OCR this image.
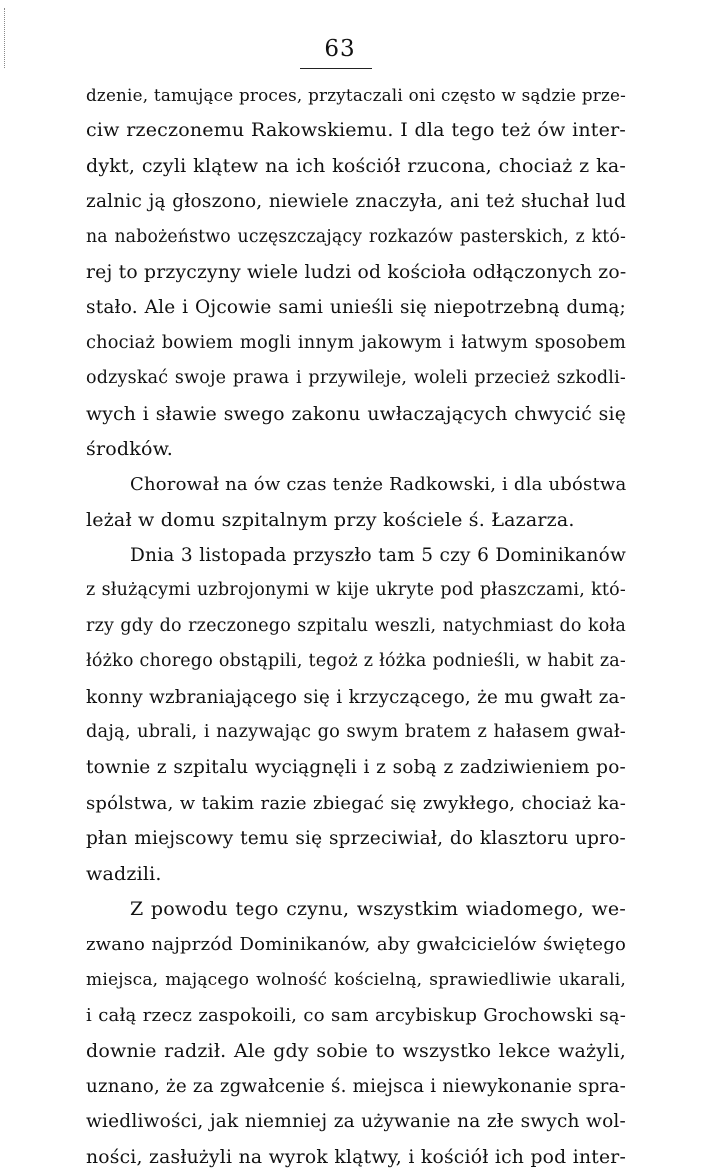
63
dzenie, tamujące proces, przytaczali oni często w sądzie prze-
ciw rzeczonemu Rakowskiemu. I dla tego też ów inter-
dykt, czyli klątew na ich kościół rzucona, chociaż z ka-
zalnic ją głoszono, niewiele znaczyła, ani też słuchał lud
na nabożeństwo uczęszczający rozkazów pasterskich, z któ-
rej to przyczyny wiele ludzi od kościoła odłączonych zo-
stało. Ale i Ojcowie sami unieśli się niepotrzebną dumą;
chociaż bowiem mogli innym jakowym i łatwym sposobem
odzyskać swoje prawa i przywileje, woleli przecież szkodli-
wych i sławie swego zakonu uwłaczających chwycić się
środków.
Chorował na ów czas tenże Radkowski, i dla ubóstwa
leżał w domu szpitalnym przy kościele ś. Łazarza.
Dnia 3 listopada przyszło tam 5 czy 6 Dominikanów
z służącymi uzbrojonymi w kije ukryte pod płaszczami, któ-
rzy gdy do rzeczonego szpitalu weszli, natychmiast do koła
łóżko chorego obstąpili, tegoż z łóżka podnieśli, w habit za-
konny wzbraniającego się i krzyczącego, że mu gwałt za-
dają, ubrali, i nazywając go swym bratem z hałasem gwał-
townie z szpitalu wyciągnęli i z sobą z zadziwieniem po-
spólstwa, w takim razie zbiegać się zwykłego, chociaż ka-
płan miejscowy temu się sprzeciwiał, do klasztoru upro-
wadzili.
Z powodu tego czynu, wszystkim wiadomego, we-
zwano najprzód Dominikanów, aby gwałcicielów świętego
miejsca, mającego wolność kościelną, sprawiedliwie ukarali,
i całą rzecz zaspokoili, co sam arcybiskup Grochowski są-
downie radził. Ale gdy sobie to wszystko lekce ważyli,
uznano, że za zgwałcenie ś. miejsca i niewykonanie spra-
wiedliwości, jak niemniej za używanie na złe swych wol-
ności, zasłużyli na wyrok klątwy, i kościół ich pod inter-
